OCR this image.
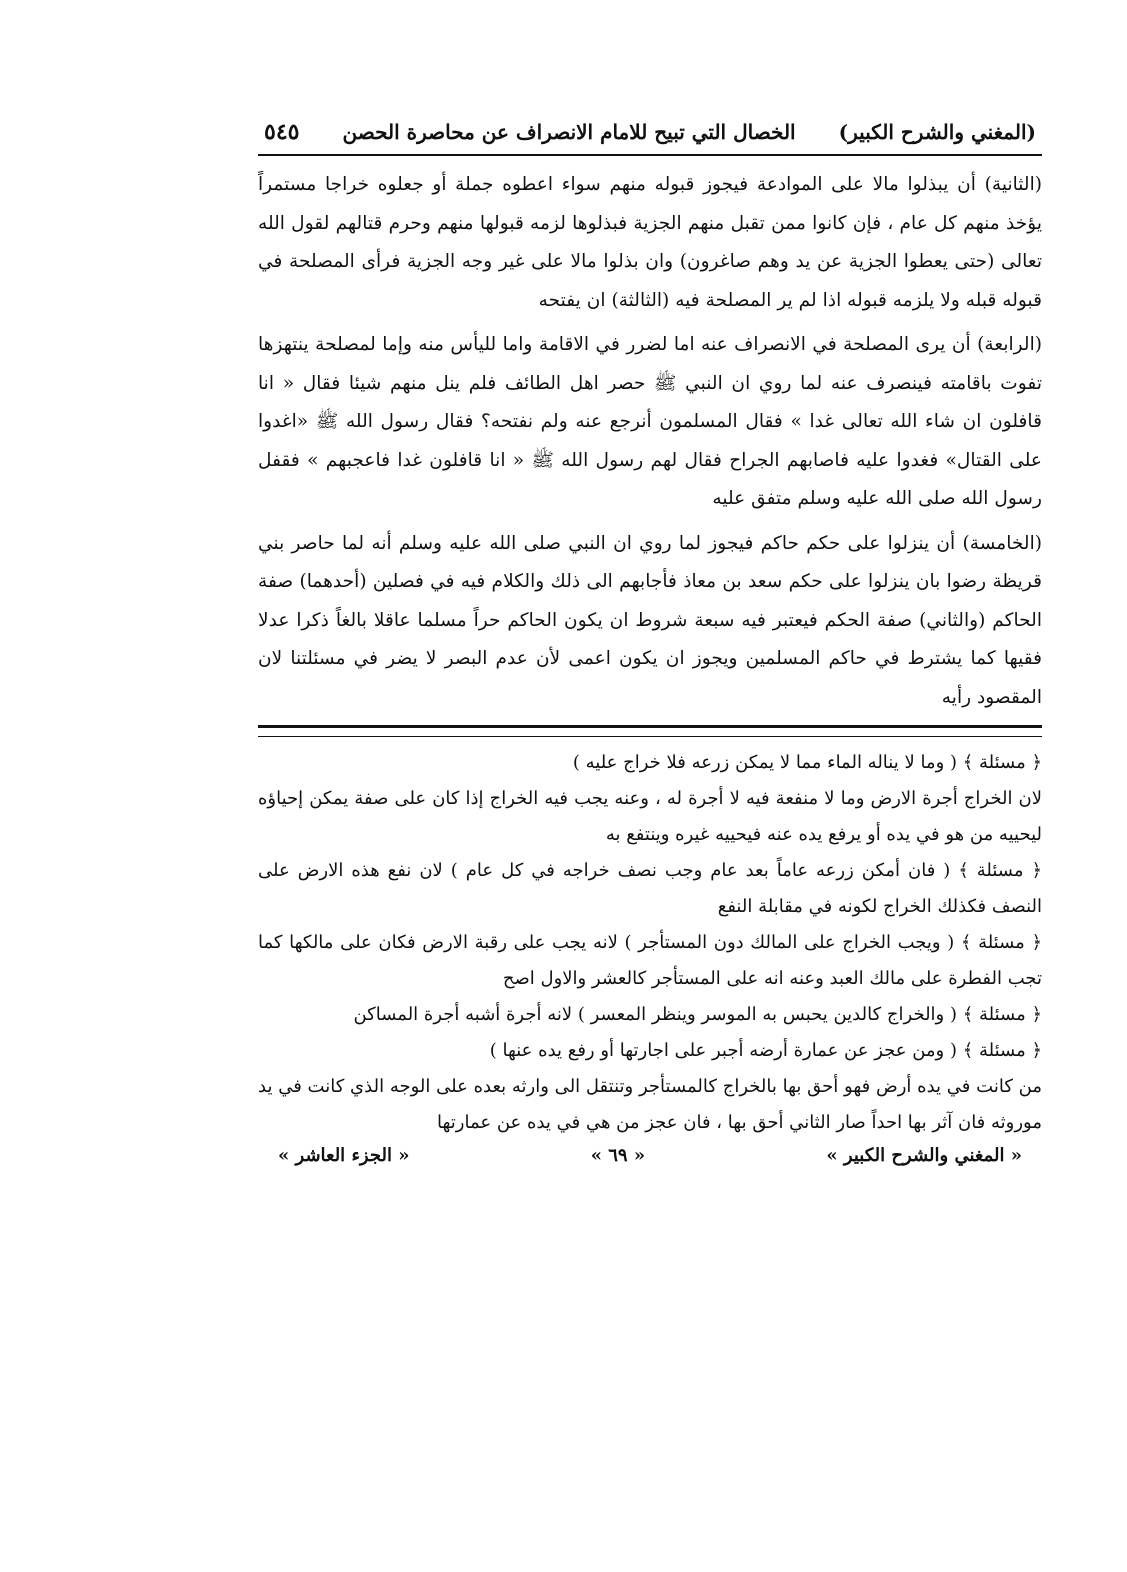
(المغني والشرح الكبير)
الخصال التي تبيح للامام الانصراف عن محاصرة الحصن
٥٤٥

(الثانية) أن يبذلوا مالا على الموادعة فيجوز قبوله منهم سواء اعطوه جملة أو جعلوه خراجا مستمراً يؤخذ منهم كل عام ، فإن كانوا ممن تقبل منهم الجزية فبذلوها لزمه قبولها منهم وحرم قتالهم لقول الله تعالى (حتى يعطوا الجزية عن يد وهم صاغرون) وان بذلوا مالا على غير وجه الجزية فرأى المصلحة في قبوله قبله ولا يلزمه قبوله اذا لم ير المصلحة فيه (الثالثة) ان يفتحه

(الرابعة) أن يرى المصلحة في الانصراف عنه اما لضرر في الاقامة واما لليأس منه وإما لمصلحة ينتهزها تفوت باقامته فينصرف عنه لما روي ان النبي ﷺ حصر اهل الطائف فلم ينل منهم شيئا فقال « انا قافلون ان شاء الله تعالى غدا » فقال المسلمون أنرجع عنه ولم نفتحه؟ فقال رسول الله ﷺ «اغدوا على القتال» فغدوا عليه فاصابهم الجراح فقال لهم رسول الله ﷺ « انا قافلون غدا فاعجبهم » فقفل رسول الله صلى الله عليه وسلم متفق عليه

(الخامسة) أن ينزلوا على حكم حاكم فيجوز لما روي ان النبي صلى الله عليه وسلم أنه لما حاصر بني قريظة رضوا بان ينزلوا على حكم سعد بن معاذ فأجابهم الى ذلك والكلام فيه في فصلين (أحدهما) صفة الحاكم (والثاني) صفة الحكم فيعتبر فيه سبعة شروط ان يكون الحاكم حراً مسلما عاقلا بالغاً ذكرا عدلا فقيها كما يشترط في حاكم المسلمين ويجوز ان يكون اعمى لأن عدم البصر لا يضر في مسئلتنا لان المقصود رأيه

﴿ مسئلة ﴾ ( وما لا يناله الماء مما لا يمكن زرعه فلا خراج عليه )

لان الخراج أجرة الارض وما لا منفعة فيه لا أجرة له ، وعنه يجب فيه الخراج إذا كان على صفة يمكن إحياؤه ليحييه من هو في يده أو يرفع يده عنه فيحييه غيره وينتفع به

﴿ مسئلة ﴾ ( فان أمكن زرعه عاماً بعد عام وجب نصف خراجه في كل عام ) لان نفع هذه الارض على النصف فكذلك الخراج لكونه في مقابلة النفع

﴿ مسئلة ﴾ ( ويجب الخراج على المالك دون المستأجر ) لانه يجب على رقبة الارض فكان على مالكها كما تجب الفطرة على مالك العبد وعنه انه على المستأجر كالعشر والاول اصح

﴿ مسئلة ﴾ ( والخراج كالدين يحبس به الموسر وينظر المعسر ) لانه أجرة أشبه أجرة المساكن

﴿ مسئلة ﴾ ( ومن عجز عن عمارة أرضه أجبر على اجارتها أو رفع يده عنها )

من كانت في يده أرض فهو أحق بها بالخراج كالمستأجر وتنتقل الى وارثه بعده على الوجه الذي كانت في يد موروثه فان آثر بها احداً صار الثاني أحق بها ، فان عجز من هي في يده عن عمارتها

« المغني والشرح الكبير »
« ٦٩ »
« الجزء العاشر »
